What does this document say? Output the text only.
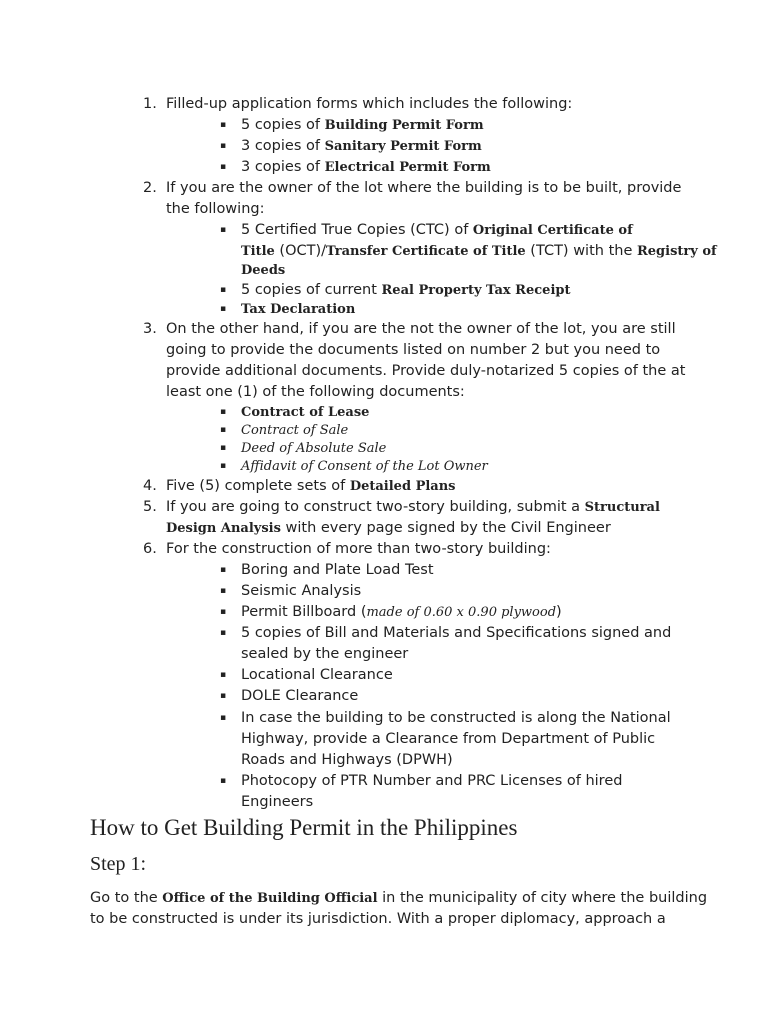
1. Filled-up application forms which includes the following:
▪ 5 copies of Building Permit Form
▪ 3 copies of Sanitary Permit Form
▪ 3 copies of Electrical Permit Form
2. If you are the owner of the lot where the building is to be built, provide
the following:
▪ 5 Certified True Copies (CTC) of Original Certificate of
Title (OCT)/Transfer Certificate of Title (TCT) with the Registry of
Deeds
▪ 5 copies of current Real Property Tax Receipt
▪ Tax Declaration
3. On the other hand, if you are the not the owner of the lot, you are still
going to provide the documents listed on number 2 but you need to
provide additional documents. Provide duly-notarized 5 copies of the at
least one (1) of the following documents:
▪ Contract of Lease
▪ Contract of Sale
▪ Deed of Absolute Sale
▪ Affidavit of Consent of the Lot Owner
4. Five (5) complete sets of Detailed Plans
5. If you are going to construct two-story building, submit a Structural
Design Analysis with every page signed by the Civil Engineer
6. For the construction of more than two-story building:
▪ Boring and Plate Load Test
▪ Seismic Analysis
▪ Permit Billboard (made of 0.60 x 0.90 plywood)
▪ 5 copies of Bill and Materials and Specifications signed and
sealed by the engineer
▪ Locational Clearance
▪ DOLE Clearance
▪ In case the building to be constructed is along the National
Highway, provide a Clearance from Department of Public
Roads and Highways (DPWH)
▪ Photocopy of PTR Number and PRC Licenses of hired
Engineers
How to Get Building Permit in the Philippines
Step 1:
Go to the Office of the Building Official in the municipality of city where the building
to be constructed is under its jurisdiction. With a proper diplomacy, approach a
